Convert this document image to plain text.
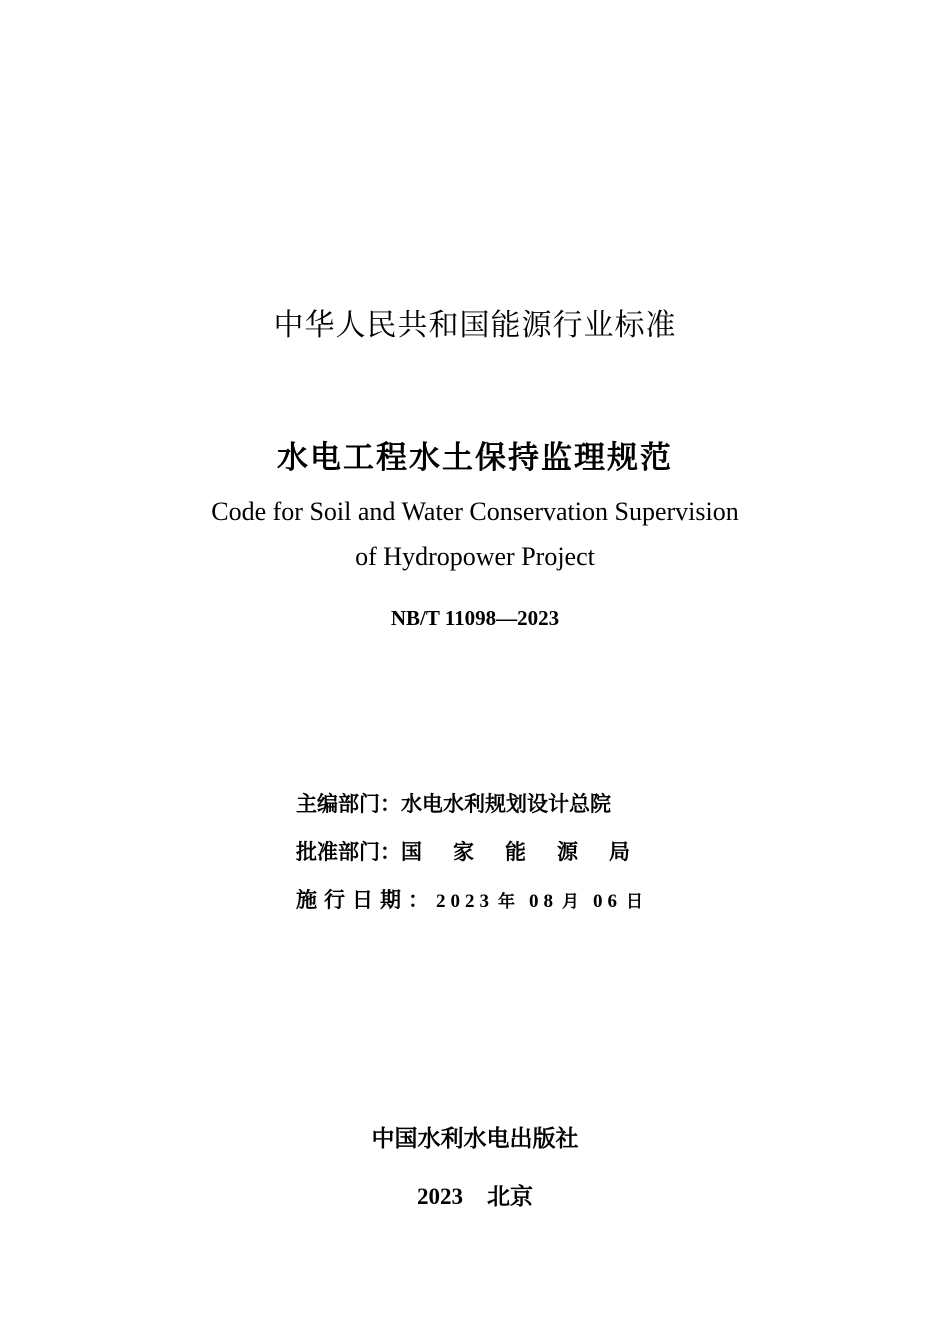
中华人民共和国能源行业标准
水电工程水土保持监理规范
Code for Soil and Water Conservation Supervision
of Hydropower Project
NB/T 11098—2023
主编部门：水电水利规划设计总院
批准部门：国家能源局
施行日期：2023 年 08 月 06 日
中国水利水电出版社
2023 北京
